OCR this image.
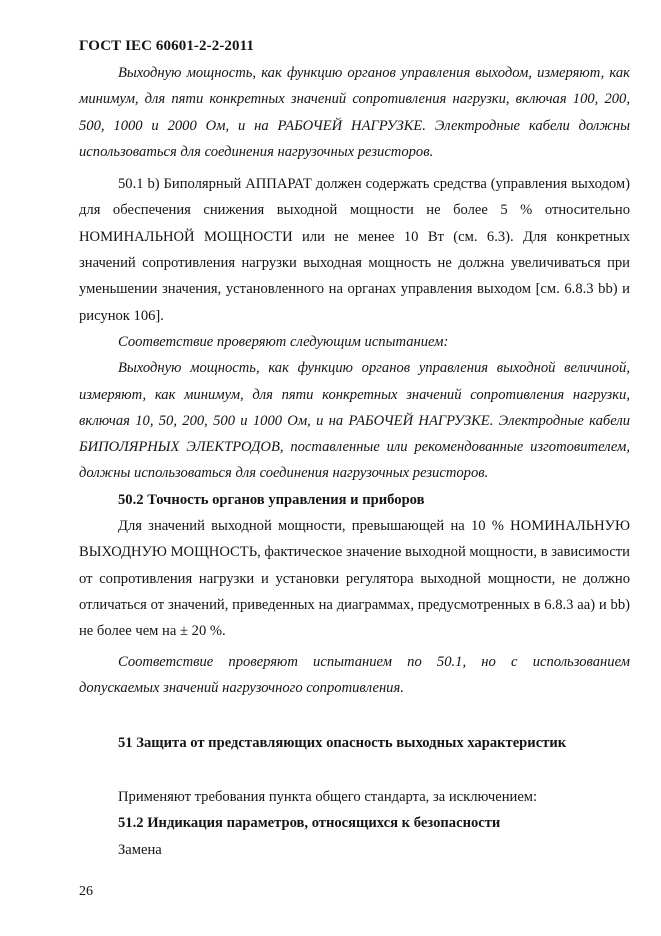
ГОСТ IEC 60601-2-2-2011

Выходную мощность, как функцию органов управления выходом, измеряют, как минимум, для пяти конкретных значений сопротивления нагрузки, включая 100, 200, 500, 1000 и 2000 Ом, и на РАБОЧЕЙ НАГРУЗКЕ. Электродные кабели должны использоваться для соединения нагрузочных резисторов.

50.1 b) Биполярный АППАРАТ должен содержать средства (управления выходом) для обеспечения снижения выходной мощности не более 5 % относительно НОМИНАЛЬНОЙ МОЩНОСТИ или не менее 10 Вт (см. 6.3). Для конкретных значений сопротивления нагрузки выходная мощность не должна увеличиваться при уменьшении значения, установленного на органах управления выходом [см. 6.8.3 bb) и рисунок 106].

Соответствие проверяют следующим испытанием:

Выходную мощность, как функцию органов управления выходной величиной, измеряют, как минимум, для пяти конкретных значений сопротивления нагрузки, включая 10, 50, 200, 500 и 1000 Ом, и на РАБОЧЕЙ НАГРУЗКЕ. Электродные кабели БИПОЛЯРНЫХ ЭЛЕКТРОДОВ, поставленные или рекомендованные изготовителем, должны использоваться для соединения нагрузочных резисторов.

50.2 Точность органов управления и приборов

Для значений выходной мощности, превышающей на 10 % НОМИНАЛЬНУЮ ВЫХОДНУЮ МОЩНОСТЬ, фактическое значение выходной мощности, в зависимости от сопротивления нагрузки и установки регулятора выходной мощности, не должно отличаться от значений, приведенных на диаграммах, предусмотренных в 6.8.3 аа) и bb) не более чем на ± 20 %.

Соответствие проверяют испытанием по 50.1, но с использованием допускаемых значений нагрузочного сопротивления.

51 Защита от представляющих опасность выходных характеристик

Применяют требования пункта общего стандарта, за исключением:

51.2 Индикация параметров, относящихся к безопасности

Замена

26
